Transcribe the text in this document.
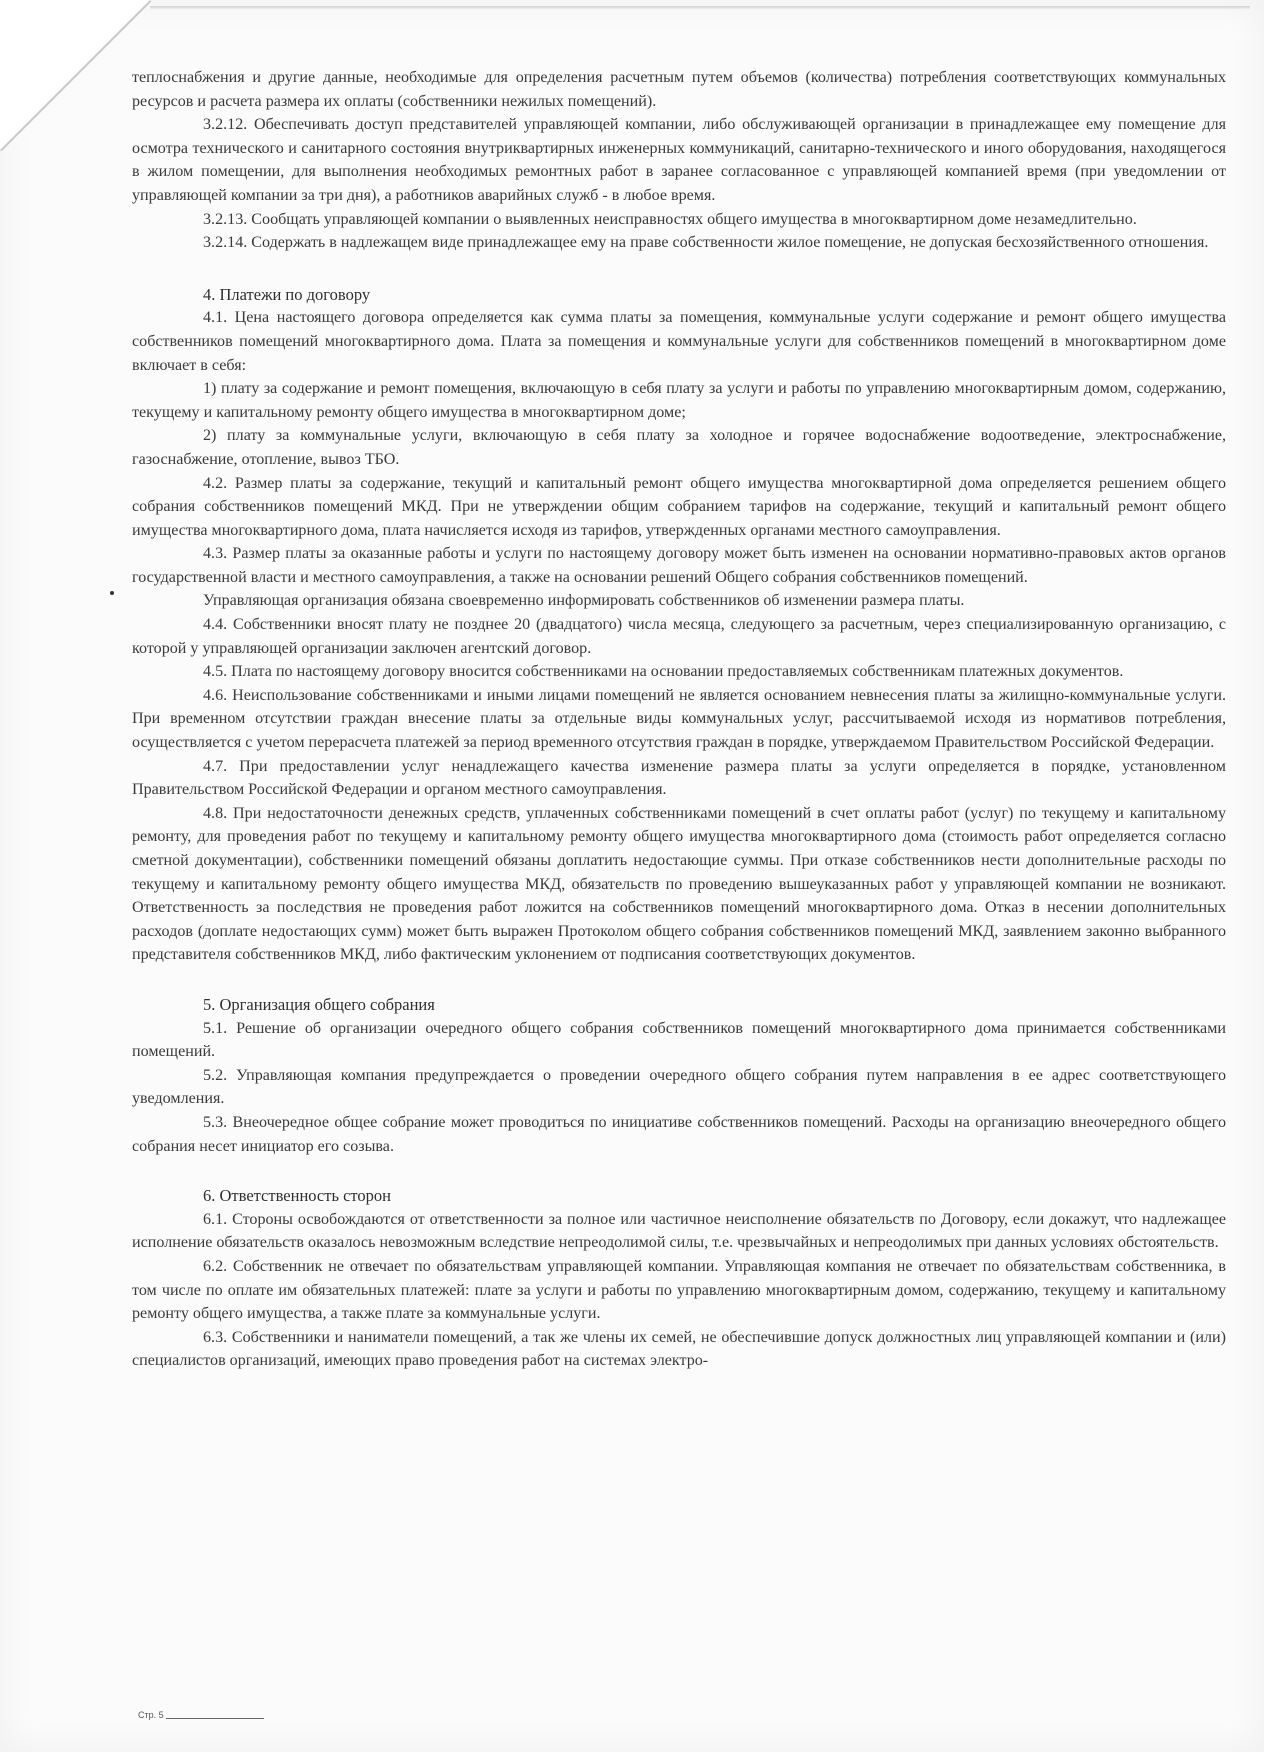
теплоснабжения и другие данные, необходимые для определения расчетным путем объемов (количества) потребления соответствующих коммунальных ресурсов и расчета размера их оплаты (собственники нежилых помещений).

3.2.12. Обеспечивать доступ представителей управляющей компании, либо обслуживающей организации в принадлежащее ему помещение для осмотра технического и санитарного состояния внутриквартирных инженерных коммуникаций, санитарно-технического и иного оборудования, находящегося в жилом помещении, для выполнения необходимых ремонтных работ в заранее согласованное с управляющей компанией время (при уведомлении от управляющей компании за три дня), а работников аварийных служб - в любое время.

3.2.13. Сообщать управляющей компании о выявленных неисправностях общего имущества в многоквартирном доме незамедлительно.

3.2.14. Содержать в надлежащем виде принадлежащее ему на праве собственности жилое помещение, не допуская бесхозяйственного отношения.

4. Платежи по договору

4.1. Цена настоящего договора определяется как сумма платы за помещения, коммунальные услуги содержание и ремонт общего имущества собственников помещений многоквартирного дома. Плата за помещения и коммунальные услуги для собственников помещений в многоквартирном доме включает в себя:

1) плату за содержание и ремонт помещения, включающую в себя плату за услуги и работы по управлению многоквартирным домом, содержанию, текущему и капитальному ремонту общего имущества в многоквартирном доме;

2) плату за коммунальные услуги, включающую в себя плату за холодное и горячее водоснабжение водоотведение, электроснабжение, газоснабжение, отопление, вывоз ТБО.

4.2. Размер платы за содержание, текущий и капитальный ремонт общего имущества многоквартирной дома определяется решением общего собрания собственников помещений МКД. При не утверждении общим собранием тарифов на содержание, текущий и капитальный ремонт общего имущества многоквартирного дома, плата начисляется исходя из тарифов, утвержденных органами местного самоуправления.

4.3. Размер платы за оказанные работы и услуги по настоящему договору может быть изменен на основании нормативно-правовых актов органов государственной власти и местного самоуправления, а также на основании решений Общего собрания собственников помещений.

Управляющая организация обязана своевременно информировать собственников об изменении размера платы.

4.4. Собственники вносят плату не позднее 20 (двадцатого) числа месяца, следующего за расчетным, через специализированную организацию, с которой у управляющей организации заключен агентский договор.

4.5. Плата по настоящему договору вносится собственниками на основании предоставляемых собственникам платежных документов.

4.6. Неиспользование собственниками и иными лицами помещений не является основанием невнесения платы за жилищно-коммунальные услуги. При временном отсутствии граждан внесение платы за отдельные виды коммунальных услуг, рассчитываемой исходя из нормативов потребления, осуществляется с учетом перерасчета платежей за период временного отсутствия граждан в порядке, утверждаемом Правительством Российской Федерации.

4.7. При предоставлении услуг ненадлежащего качества изменение размера платы за услуги определяется в порядке, установленном Правительством Российской Федерации и органом местного самоуправления.

4.8. При недостаточности денежных средств, уплаченных собственниками помещений в счет оплаты работ (услуг) по текущему и капитальному ремонту, для проведения работ по текущему и капитальному ремонту общего имущества многоквартирного дома (стоимость работ определяется согласно сметной документации), собственники помещений обязаны доплатить недостающие суммы. При отказе собственников нести дополнительные расходы по текущему и капитальному ремонту общего имущества МКД, обязательств по проведению вышеуказанных работ у управляющей компании не возникают. Ответственность за последствия не проведения работ ложится на собственников помещений многоквартирного дома. Отказ в несении дополнительных расходов (доплате недостающих сумм) может быть выражен Протоколом общего собрания собственников помещений МКД, заявлением законно выбранного представителя собственников МКД, либо фактическим уклонением от подписания соответствующих документов.

5. Организация общего собрания

5.1. Решение об организации очередного общего собрания собственников помещений многоквартирного дома принимается собственниками помещений.

5.2. Управляющая компания предупреждается о проведении очередного общего собрания путем направления в ее адрес соответствующего уведомления.

5.3. Внеочередное общее собрание может проводиться по инициативе собственников помещений. Расходы на организацию внеочередного общего собрания несет инициатор его созыва.

6. Ответственность сторон

6.1. Стороны освобождаются от ответственности за полное или частичное неисполнение обязательств по Договору, если докажут, что надлежащее исполнение обязательств оказалось невозможным вследствие непреодолимой силы, т.е. чрезвычайных и непреодолимых при данных условиях обстоятельств.

6.2. Собственник не отвечает по обязательствам управляющей компании. Управляющая компания не отвечает по обязательствам собственника, в том числе по оплате им обязательных платежей: плате за услуги и работы по управлению многоквартирным домом, содержанию, текущему и капитальному ремонту общего имущества, а также плате за коммунальные услуги.

6.3. Собственники и наниматели помещений, а так же члены их семей, не обеспечившие допуск должностных лиц управляющей компании и (или) специалистов организаций, имеющих право проведения работ на системах электро-

Стр. 5
